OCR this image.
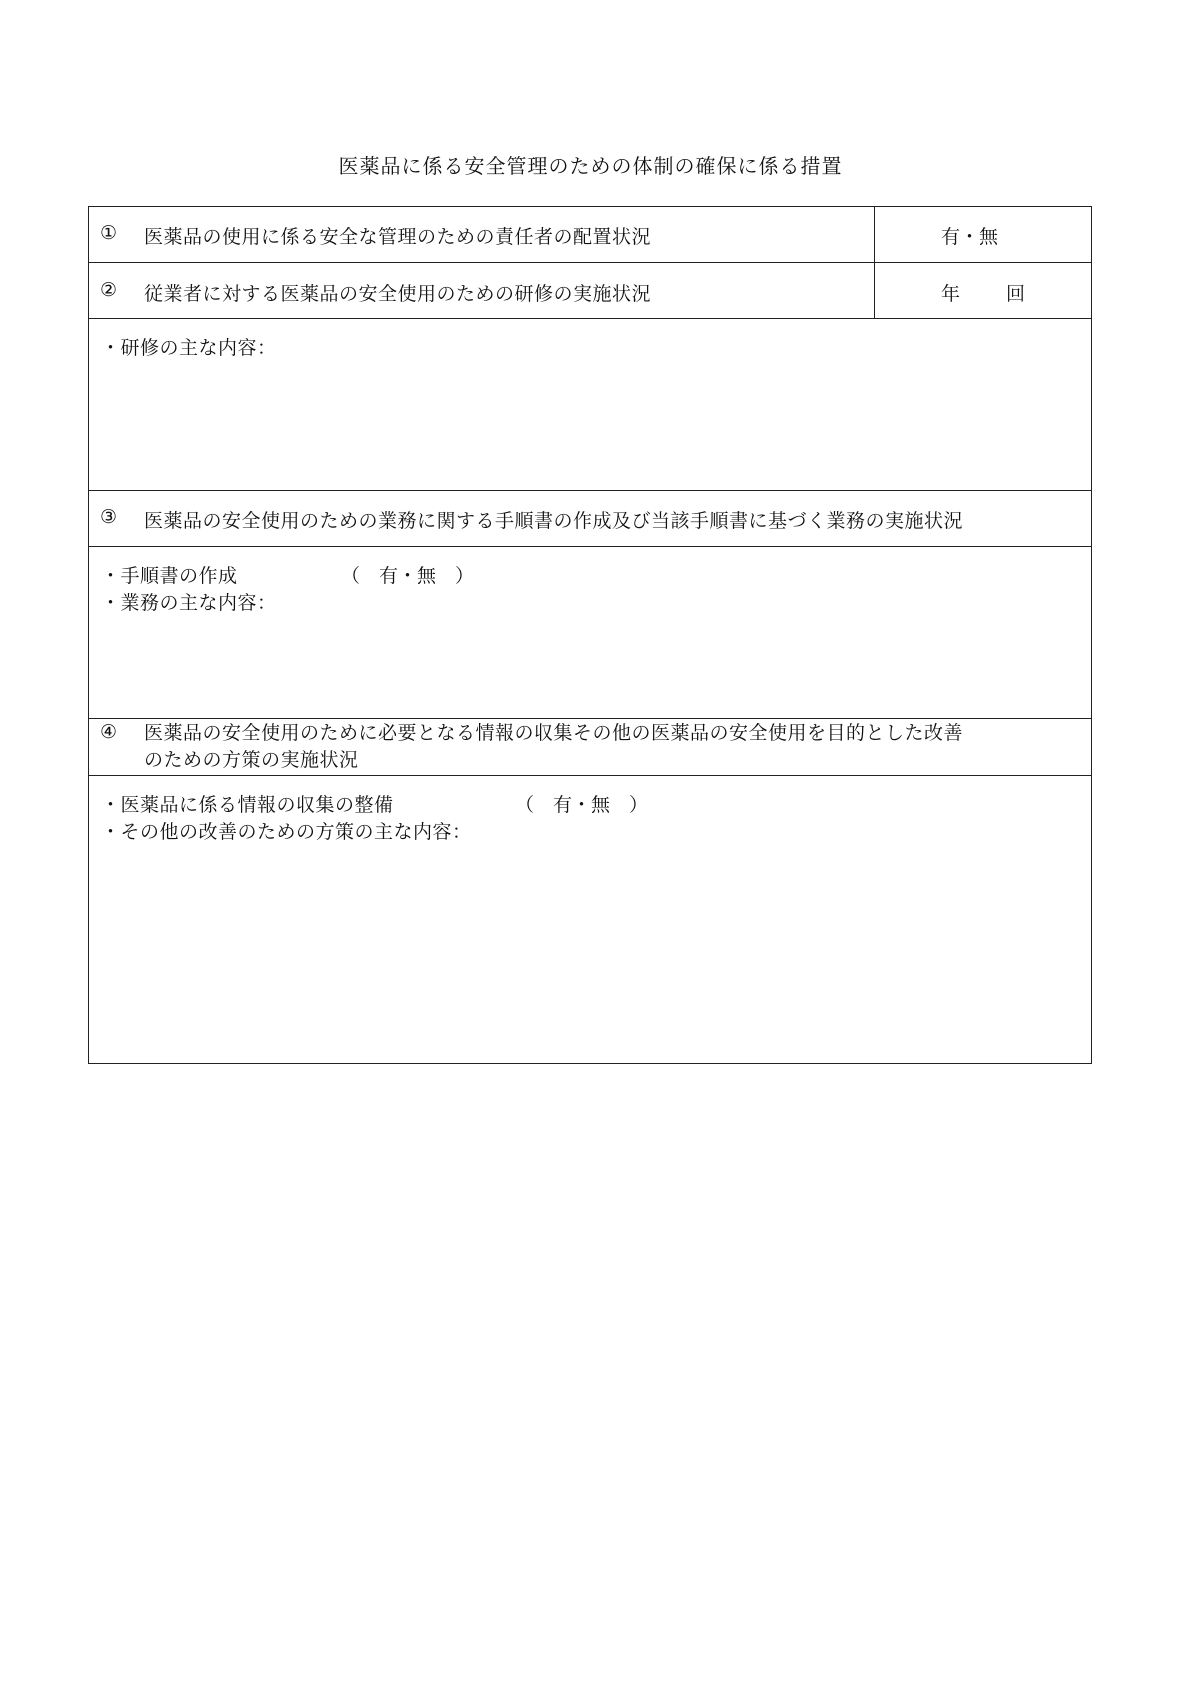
医薬品に係る安全管理のための体制の確保に係る措置
① 医薬品の使用に係る安全な管理のための責任者の配置状況	有・無
② 従業者に対する医薬品の安全使用のための研修の実施状況	年 回
・研修の主な内容：
③ 医薬品の安全使用のための業務に関する手順書の作成及び当該手順書に基づく業務の実施状況
・手順書の作成	（　有・無　）
・業務の主な内容：
④ 医薬品の安全使用のために必要となる情報の収集その他の医薬品の安全使用を目的とした改善
のための方策の実施状況
・医薬品に係る情報の収集の整備	（　有・無　）
・その他の改善のための方策の主な内容：
